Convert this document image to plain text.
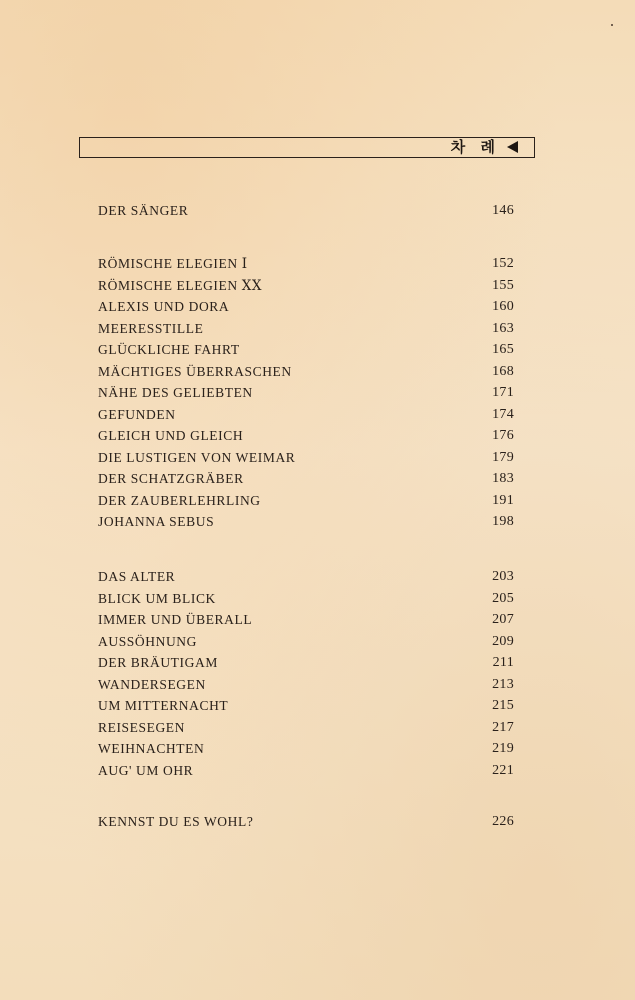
차 례
DER SÄNGER	146
RÖMISCHE ELEGIEN Ⅰ	152
RÖMISCHE ELEGIEN ⅩⅩ	155
ALEXIS UND DORA	160
MEERESSTILLE	163
GLÜCKLICHE FAHRT	165
MÄCHTIGES ÜBERRASCHEN	168
NÄHE DES GELIEBTEN	171
GEFUNDEN	174
GLEICH UND GLEICH	176
DIE LUSTIGEN VON WEIMAR	179
DER SCHATZGRÄBER	183
DER ZAUBERLEHRLING	191
JOHANNA SEBUS	198
DAS ALTER	203
BLICK UM BLICK	205
IMMER UND ÜBERALL	207
AUSSÖHNUNG	209
DER BRÄUTIGAM	211
WANDERSEGEN	213
UM MITTERNACHT	215
REISESEGEN	217
WEIHNACHTEN	219
AUG' UM OHR	221
KENNST DU ES WOHL?	226
